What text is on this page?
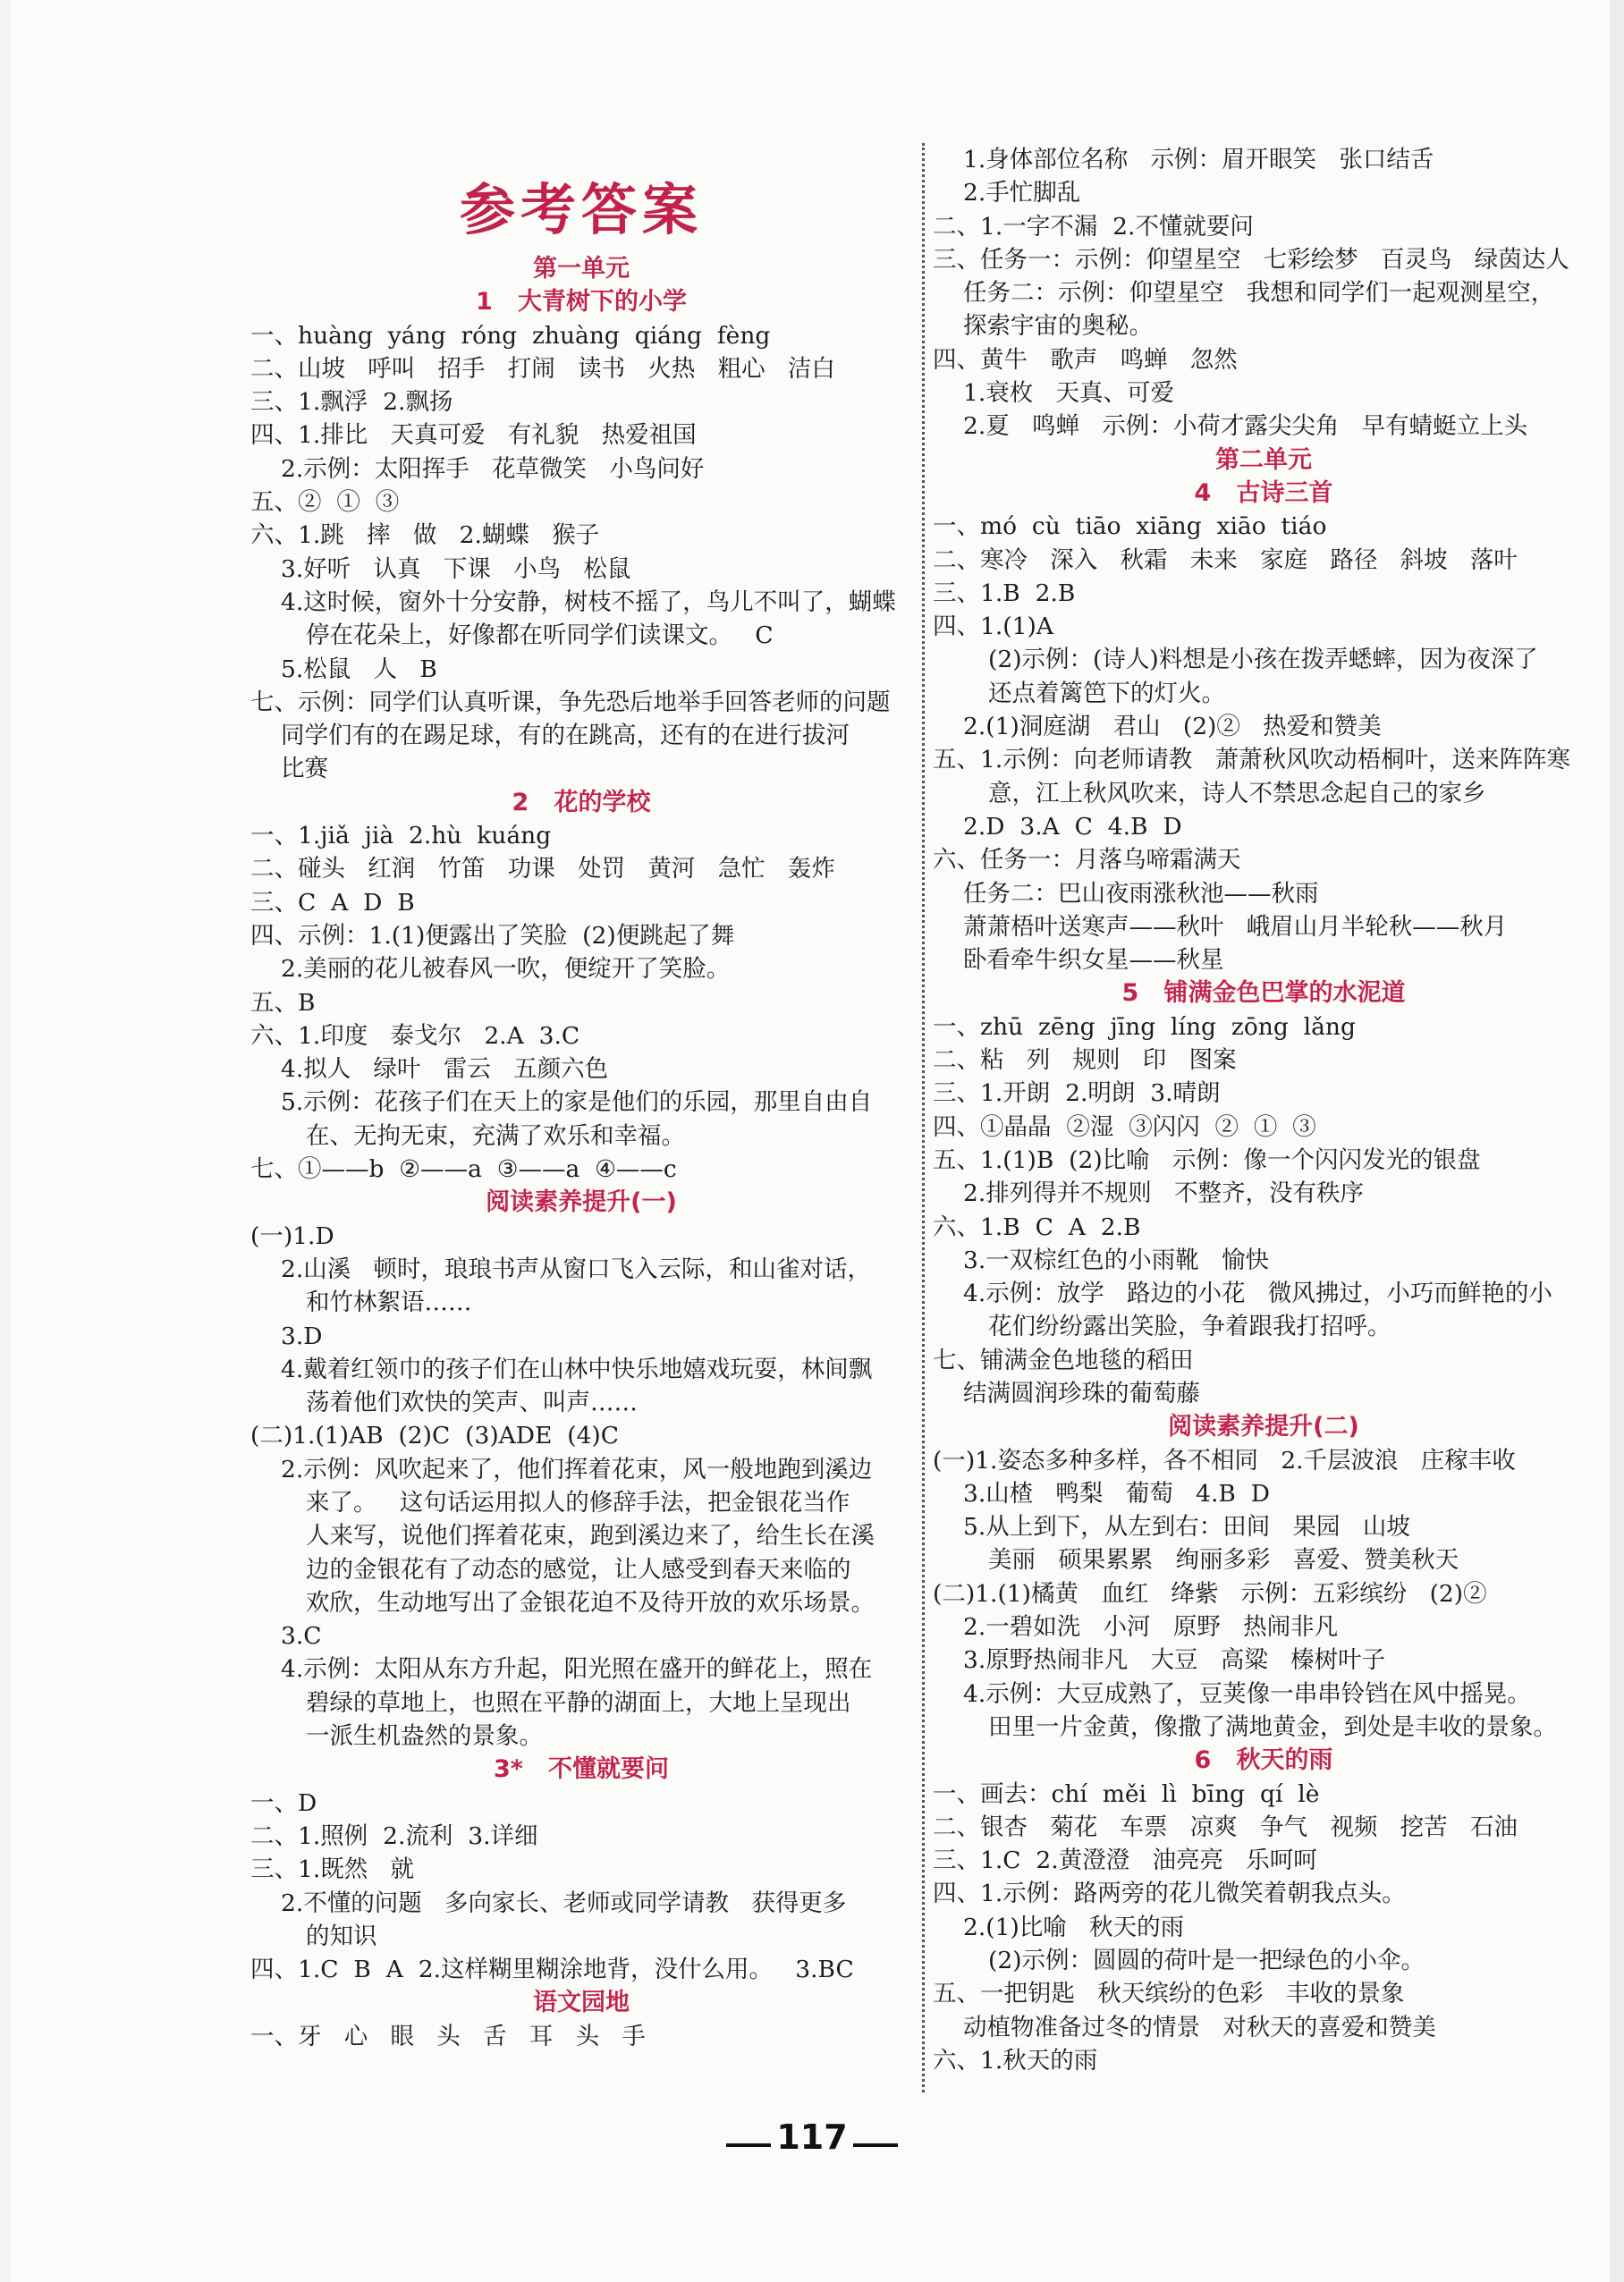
参考答案
第一单元
1   大青树下的小学
一、huàng  yáng  róng  zhuàng  qiáng  fèng
二、山坡   呼叫   招手   打闹   读书   火热   粗心   洁白
三、1.飘浮  2.飘扬
四、1.排比   天真可爱   有礼貌   热爱祖国
2.示例：太阳挥手   花草微笑   小鸟问好
五、②  ①  ③
六、1.跳   摔   做   2.蝴蝶   猴子
3.好听   认真   下课   小鸟   松鼠
4.这时候，窗外十分安静，树枝不摇了，鸟儿不叫了，蝴蝶
停在花朵上，好像都在听同学们读课文。   C
5.松鼠   人   B
七、示例：同学们认真听课，争先恐后地举手回答老师的问题
同学们有的在踢足球，有的在跳高，还有的在进行拔河
比赛
2   花的学校
一、1.jiǎ  jià  2.hù  kuáng
二、碰头   红润   竹笛   功课   处罚   黄河   急忙   轰炸
三、C  A  D  B
四、示例：1.(1)便露出了笑脸  (2)便跳起了舞
2.美丽的花儿被春风一吹，便绽开了笑脸。
五、B
六、1.印度   泰戈尔   2.A  3.C
4.拟人   绿叶   雷云   五颜六色
5.示例：花孩子们在天上的家是他们的乐园，那里自由自
在、无拘无束，充满了欢乐和幸福。
七、①——b  ②——a  ③——a  ④——c
阅读素养提升(一)
(一)1.D
2.山溪   顿时，琅琅书声从窗口飞入云际，和山雀对话，
和竹林絮语……
3.D
4.戴着红领巾的孩子们在山林中快乐地嬉戏玩耍，林间飘
荡着他们欢快的笑声、叫声……
(二)1.(1)AB  (2)C  (3)ADE  (4)C
2.示例：风吹起来了，他们挥着花束，风一般地跑到溪边
来了。   这句话运用拟人的修辞手法，把金银花当作
人来写，说他们挥着花束，跑到溪边来了，给生长在溪
边的金银花有了动态的感觉，让人感受到春天来临的
欢欣，生动地写出了金银花迫不及待开放的欢乐场景。
3.C
4.示例：太阳从东方升起，阳光照在盛开的鲜花上，照在
碧绿的草地上，也照在平静的湖面上，大地上呈现出
一派生机盎然的景象。
3*   不懂就要问
一、D
二、1.照例  2.流利  3.详细
三、1.既然   就
2.不懂的问题   多向家长、老师或同学请教   获得更多
的知识
四、1.C  B  A  2.这样糊里糊涂地背，没什么用。   3.BC
语文园地
一、牙   心   眼   头   舌   耳   头   手
1.身体部位名称   示例：眉开眼笑   张口结舌
2.手忙脚乱
二、1.一字不漏  2.不懂就要问
三、任务一：示例：仰望星空   七彩绘梦   百灵鸟   绿茵达人
任务二：示例：仰望星空   我想和同学们一起观测星空，
探索宇宙的奥秘。
四、黄牛   歌声   鸣蝉   忽然
1.衰枚   天真、可爱
2.夏   鸣蝉   示例：小荷才露尖尖角   早有蜻蜓立上头
第二单元
4   古诗三首
一、mó  cù  tiāo  xiāng  xiāo  tiáo
二、寒冷   深入   秋霜   未来   家庭   路径   斜坡   落叶
三、1.B  2.B
四、1.(1)A
(2)示例：(诗人)料想是小孩在拨弄蟋蟀，因为夜深了
还点着篱笆下的灯火。
2.(1)洞庭湖   君山   (2)②   热爱和赞美
五、1.示例：向老师请教   萧萧秋风吹动梧桐叶，送来阵阵寒
意，江上秋风吹来，诗人不禁思念起自己的家乡
2.D  3.A  C  4.B  D
六、任务一：月落乌啼霜满天
任务二：巴山夜雨涨秋池——秋雨
萧萧梧叶送寒声——秋叶   峨眉山月半轮秋——秋月
卧看牵牛织女星——秋星
5   铺满金色巴掌的水泥道
一、zhū  zēng  jīng  líng  zōng  lǎng
二、粘   列   规则   印   图案
三、1.开朗  2.明朗  3.晴朗
四、①晶晶  ②湿  ③闪闪  ②  ①  ③
五、1.(1)B  (2)比喻   示例：像一个闪闪发光的银盘
2.排列得并不规则   不整齐，没有秩序
六、1.B  C  A  2.B
3.一双棕红色的小雨靴   愉快
4.示例：放学   路边的小花   微风拂过，小巧而鲜艳的小
花们纷纷露出笑脸，争着跟我打招呼。
七、铺满金色地毯的稻田
结满圆润珍珠的葡萄藤
阅读素养提升(二)
(一)1.姿态多种多样，各不相同   2.千层波浪   庄稼丰收
3.山楂   鸭梨   葡萄   4.B  D
5.从上到下，从左到右：田间   果园   山坡
美丽   硕果累累   绚丽多彩   喜爱、赞美秋天
(二)1.(1)橘黄   血红   绛紫   示例：五彩缤纷   (2)②
2.一碧如洗   小河   原野   热闹非凡
3.原野热闹非凡   大豆   高粱   榛树叶子
4.示例：大豆成熟了，豆荚像一串串铃铛在风中摇晃。
田里一片金黄，像撒了满地黄金，到处是丰收的景象。
6   秋天的雨
一、画去：chí  měi  lì  bīng  qí  lè
二、银杏   菊花   车票   凉爽   争气   视频   挖苦   石油
三、1.C  2.黄澄澄   油亮亮   乐呵呵
四、1.示例：路两旁的花儿微笑着朝我点头。
2.(1)比喻   秋天的雨
(2)示例：圆圆的荷叶是一把绿色的小伞。
五、一把钥匙   秋天缤纷的色彩   丰收的景象
动植物准备过冬的情景   对秋天的喜爱和赞美
六、1.秋天的雨
117
